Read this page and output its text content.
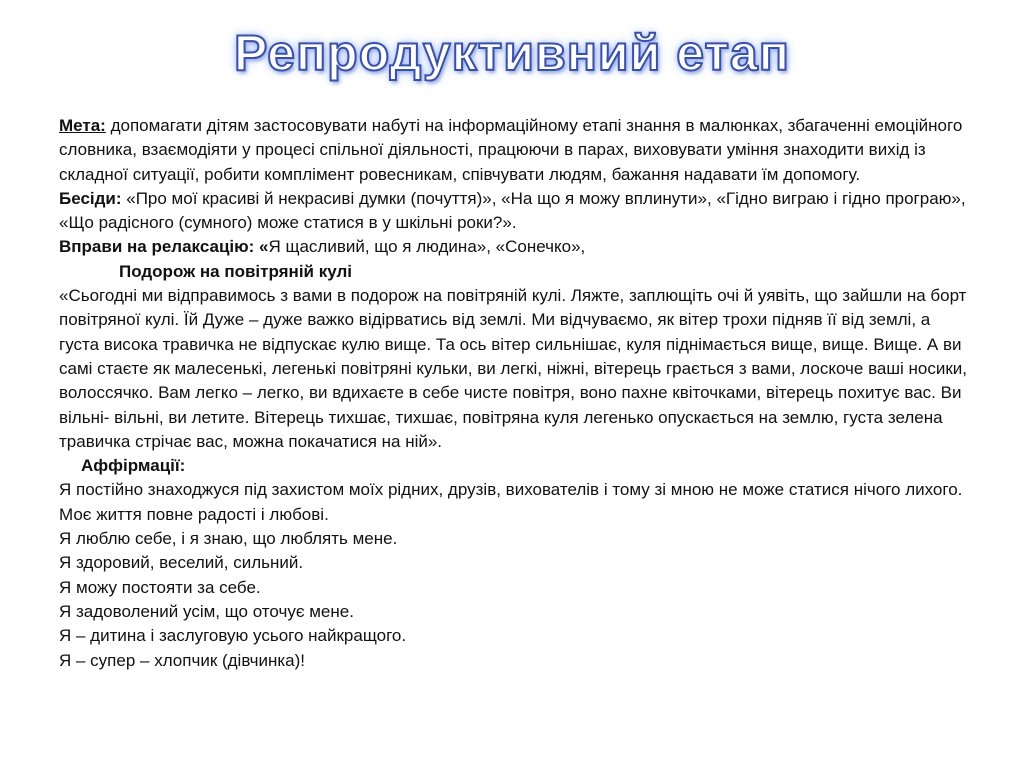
Репродуктивний етап

Мета: допомагати дітям застосовувати набуті на інформаційному етапі знання в малюнках, збагаченні емоційного словника, взаємодіяти у процесі спільної діяльності, працюючи в парах, виховувати уміння знаходити вихід із складної ситуації, робити комплімент ровесникам, співчувати людям, бажання надавати їм допомогу.

Бесіди: «Про мої красиві й некрасиві думки (почуття)», «На що я можу вплинути», «Гідно виграю і гідно програю», «Що радісного (сумного) може статися в у шкільні роки?».

Вправи на релаксацію: «Я щасливий, що я людина», «Сонечко»,

Подорож на повітряній кулі

«Сьогодні ми відправимось з вами в подорож на повітряній кулі. Ляжте, заплющіть очі й уявіть, що зайшли на борт повітряної кулі. Їй Дуже – дуже важко відірватись від землі. Ми відчуваємо, як вітер трохи підняв її від землі, а густа висока травичка не відпускає кулю вище. Та ось вітер сильнішає, куля піднімається вище, вище. Вище. А ви самі стаєте як малесенькі, легенькі повітряні кульки, ви легкі, ніжні, вітерець грається з вами, лоскоче ваші носики, волоссячко. Вам легко – легко, ви вдихаєте в себе чисте повітря, воно пахне квіточками, вітерець похитує вас. Ви вільні- вільні, ви летите. Вітерець тихшає, тихшає, повітряна куля легенько опускається на землю, густа зелена травичка стрічає вас, можна покачатися на ній».

Аффірмації:

Я постійно знаходжуся під захистом моїх рідних, друзів, вихователів і тому зі мною не може статися нічого лихого.

Моє життя повне радості і любові.

Я люблю себе, і я знаю, що люблять мене.

Я здоровий, веселий, сильний.

Я можу постояти за себе.

Я задоволений усім, що оточує мене.

Я – дитина і заслуговую усього найкращого.

Я – супер – хлопчик (дівчинка)!
